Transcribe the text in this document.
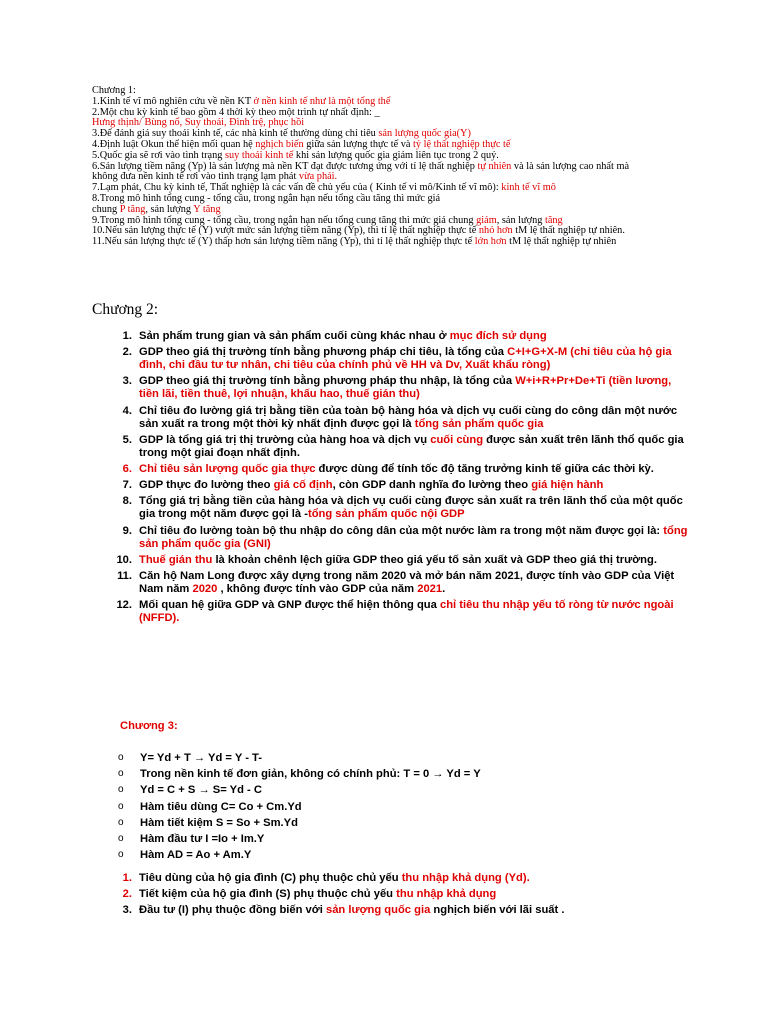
Chương 1:

1.Kinh tế vĩ mô nghiên cứu về nền KT ở nền kinh tế như là một tổng thể

2.Một chu kỳ kinh tế bao gồm 4 thời kỳ theo một trình tự nhất định: _

Hưng thịnh/ Bùng nổ, Suy thoái, Đình trệ, phục hồi

3.Để đánh giá suy thoái kinh tế, các nhà kinh tế thường dùng chỉ tiêu sản lượng quốc gia(Y)

4.Định luật Okun thể hiện mối quan hệ nghịch biến giữa sản lượng thực tế và tỷ lệ thất nghiệp thực tế

5.Quốc gia sẽ rơi vào tình trạng suy thoái kinh tế khi sản lượng quốc gia giảm liên tục trong 2 quý.

6.Sản lượng tiềm năng (Yp) là sản lượng mà nền KT đạt được tương ứng với tỉ lệ thất nghiệp tự nhiên và là sản lượng cao nhất mà không đưa nền kinh tế rơi vào tình trạng lạm phát vừa phải.

7.Lạm phát, Chu kỳ kinh tế, Thất nghiệp là các vấn đề chủ yếu của ( Kinh tế vi mô/Kinh tế vĩ mô): kinh tế vĩ mô

8.Trong mô hình tổng cung - tổng cầu, trong ngắn hạn nếu tổng cầu tăng thì mức giá

chung P tăng, sản lượng Y tăng

9.Trong mô hình tổng cung - tổng cầu, trong ngắn hạn nếu tổng cung tăng thì mức giá chung giảm, sản lượng tăng

10.Nếu sản lượng thực tế (Y) vượt mức sản lượng tiềm năng (Yp), thì tỉ lệ thất nghiệp thực tế nhỏ hơn tM lệ thất nghiệp tự nhiên.

11.Nếu sản lượng thực tế (Y) thấp hơn sản lượng tiềm năng (Yp), thì tỉ lệ thất nghiệp thực tế lớn hơn tM lệ thất nghiệp tự nhiên

Chương 2:
1. Sản phẩm trung gian và sản phẩm cuối cùng khác nhau ở mục đích sử dụng
2. GDP theo giá thị trường tính bằng phương pháp chi tiêu, là tổng của C+I+G+X-M (chi tiêu của hộ gia đình, chi đầu tư tư nhân, chi tiêu của chính phủ về HH và Dv, Xuất khẩu ròng)
3. GDP theo giá thị trường tính bằng phương pháp thu nhập, là tổng của W+i+R+Pr+De+Ti (tiền lương, tiền lãi, tiền thuê, lợi nhuận, khấu hao, thuế gián thu)
4. Chỉ tiêu đo lường giá trị bằng tiền của toàn bộ hàng hóa và dịch vụ cuối cùng do công dân một nước sản xuất ra trong một thời kỳ nhất định được gọi là tổng sản phẩm quốc gia
5. GDP là tổng giá trị thị trường của hàng hoa và dịch vụ cuối cùng được sản xuất trên lãnh thổ quốc gia trong một giai đoạn nhất định.
6. Chỉ tiêu sản lượng quốc gia thực được dùng để tính tốc độ tăng trưởng kinh tế giữa các thời kỳ.
7. GDP thực đo lường theo giá cố định, còn GDP danh nghĩa đo lường theo giá hiện hành
8. Tổng giá trị bằng tiền của hàng hóa và dịch vụ cuối cùng được sản xuất ra trên lãnh thổ của một quốc gia trong một năm được gọi là -tổng sản phẩm quốc nội GDP
9. Chỉ tiêu đo lường toàn bộ thu nhập do công dân của một nước làm ra trong một năm được gọi là: tổng sản phẩm quốc gia (GNI)
10. Thuế gián thu là khoản chênh lệch giữa GDP theo giá yếu tố sản xuất và GDP theo giá thị trường.
11. Căn hộ Nam Long được xây dựng trong năm 2020 và mở bán năm 2021, được tính vào GDP của Việt Nam năm 2020 , không được tính vào GDP của năm 2021.
12. Mối quan hệ giữa GDP và GNP được thể hiện thông qua chỉ tiêu thu nhập yếu tố ròng từ nước ngoài (NFFD).
Chương 3:
o Y= Yd + T → Yd = Y - T-
o Trong nền kinh tế đơn giản, không có chính phủ: T = 0 → Yd = Y
o Yd = C + S → S= Yd - C
o Hàm tiêu dùng C= Co + Cm.Yd
o Hàm tiết kiệm S = So + Sm.Yd
o Hàm đầu tư I =Io + Im.Y
o Hàm AD = Ao + Am.Y
1. Tiêu dùng của hộ gia đình (C) phụ thuộc chủ yếu thu nhập khả dụng (Yd).
2. Tiết kiệm của hộ gia đình (S) phụ thuộc chủ yếu thu nhập khả dụng
3. Đầu tư (I) phụ thuộc đồng biến với sản lượng quốc gia nghịch biến với lãi suất .
